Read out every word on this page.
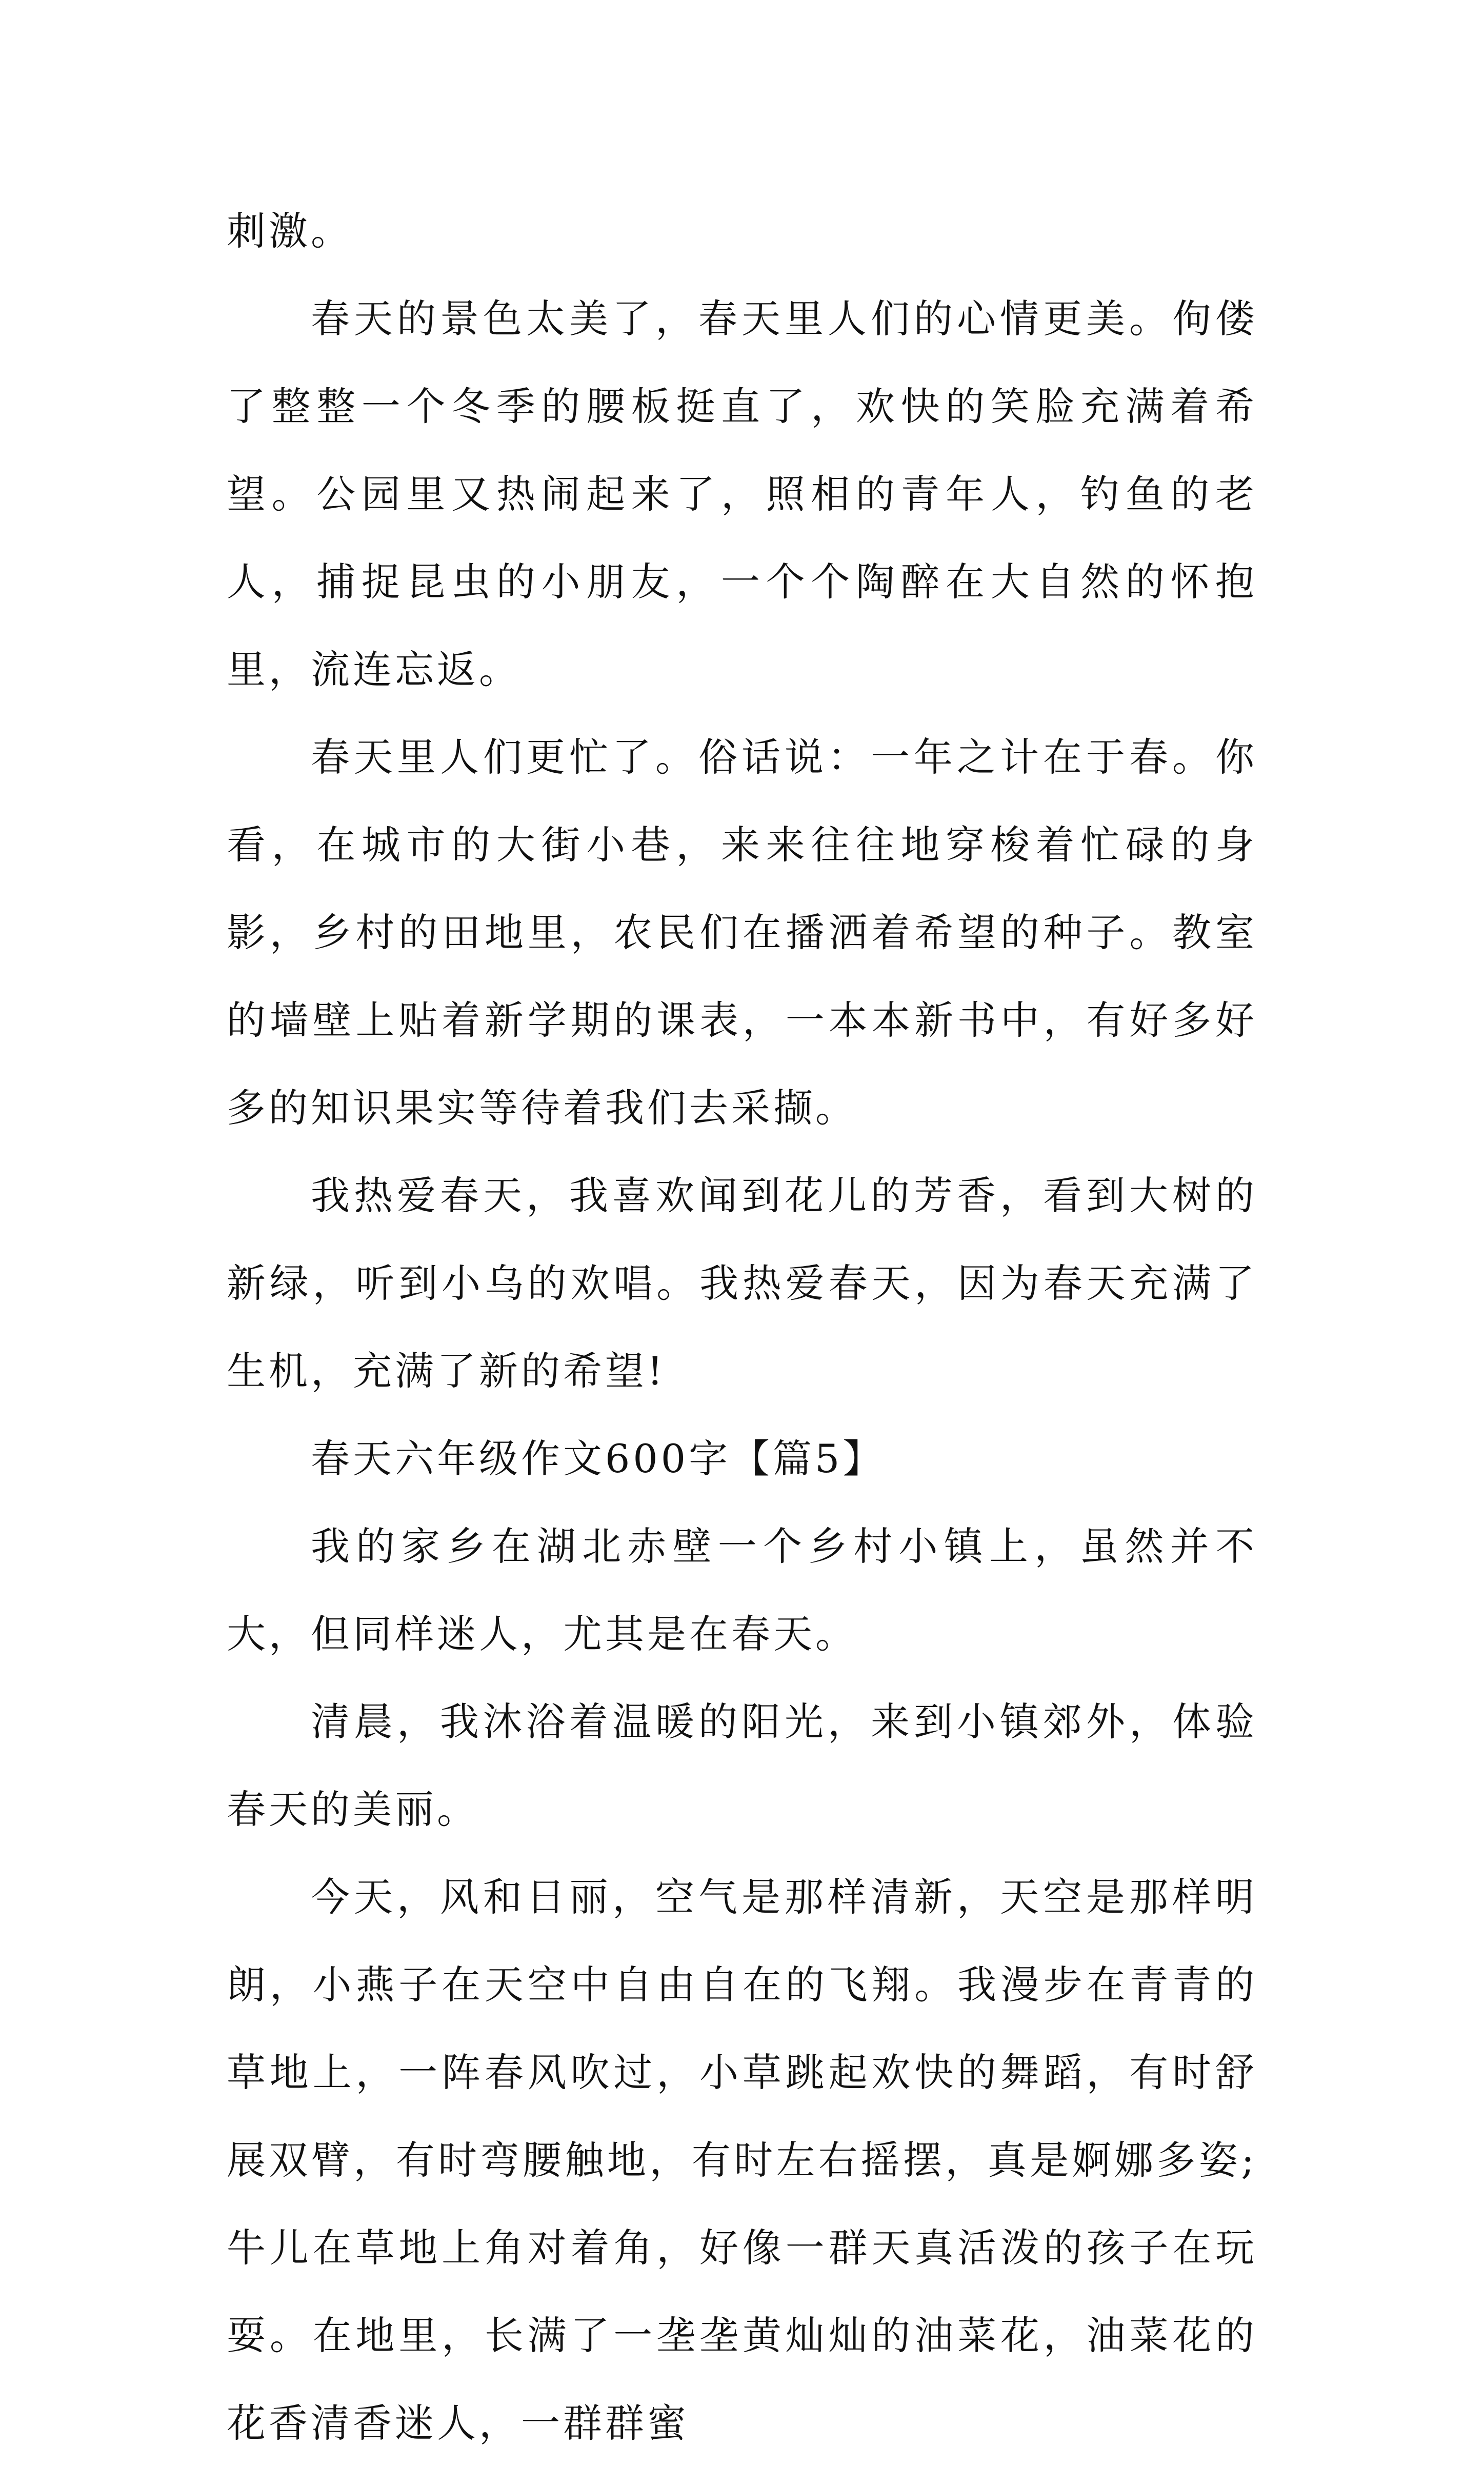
刺激。

春天的景色太美了，春天里人们的心情更美。佝偻了整整一个冬季的腰板挺直了，欢快的笑脸充满着希望。公园里又热闹起来了，照相的青年人，钓鱼的老人，捕捉昆虫的小朋友，一个个陶醉在大自然的怀抱里，流连忘返。

春天里人们更忙了。俗话说：一年之计在于春。你看，在城市的大街小巷，来来往往地穿梭着忙碌的身影，乡村的田地里，农民们在播洒着希望的种子。教室的墙壁上贴着新学期的课表，一本本新书中，有好多好多的知识果实等待着我们去采撷。

我热爱春天，我喜欢闻到花儿的芳香，看到大树的新绿，听到小乌的欢唱。我热爱春天，因为春天充满了生机，充满了新的希望!

春天六年级作文600字【篇5】

我的家乡在湖北赤壁一个乡村小镇上，虽然并不大，但同样迷人，尤其是在春天。

清晨，我沐浴着温暖的阳光，来到小镇郊外，体验春天的美丽。

今天，风和日丽，空气是那样清新，天空是那样明朗，小燕子在天空中自由自在的飞翔。我漫步在青青的草地上，一阵春风吹过，小草跳起欢快的舞蹈，有时舒展双臂，有时弯腰触地，有时左右摇摆，真是婀娜多姿;牛儿在草地上角对着角，好像一群天真活泼的孩子在玩耍。在地里，长满了一垄垄黄灿灿的油菜花，油菜花的花香清香迷人，一群群蜜
